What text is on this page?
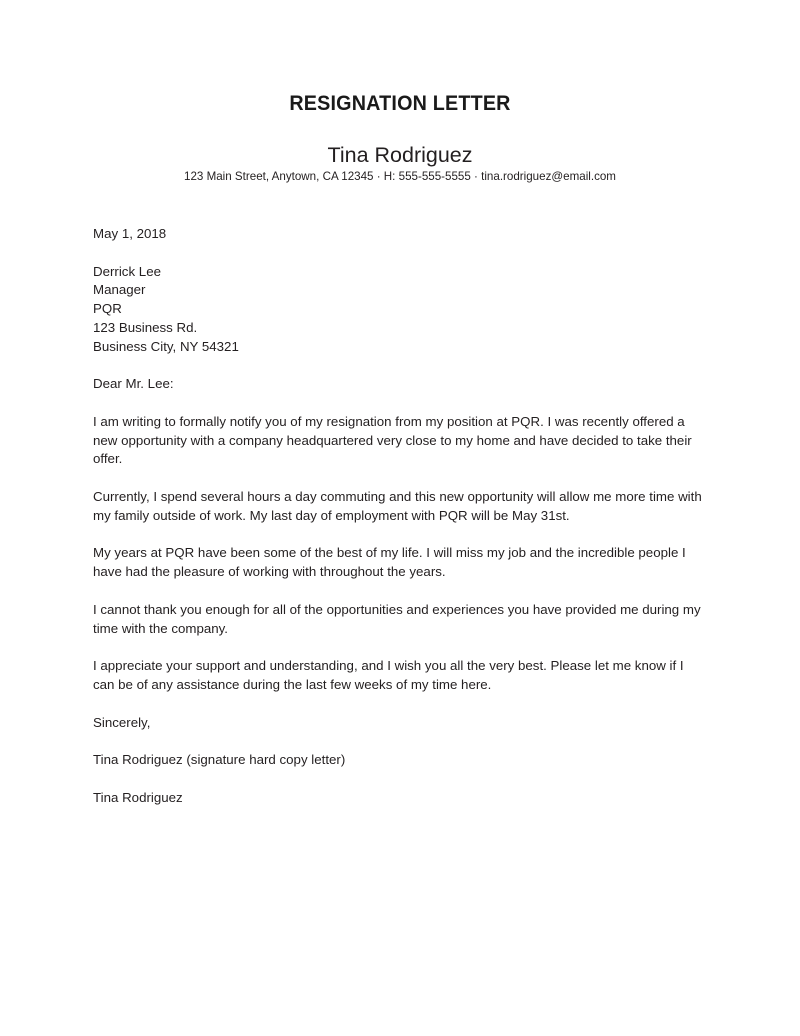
RESIGNATION LETTER
Tina Rodriguez
123 Main Street, Anytown, CA 12345 · H: 555-555-5555 · tina.rodriguez@email.com
May 1, 2018
Derrick Lee
Manager
PQR
123 Business Rd.
Business City, NY 54321
Dear Mr. Lee:

I am writing to formally notify you of my resignation from my position at PQR. I was recently offered a new opportunity with a company headquartered very close to my home and have decided to take their offer.

Currently, I spend several hours a day commuting and this new opportunity will allow me more time with my family outside of work. My last day of employment with PQR will be May 31st.

My years at PQR have been some of the best of my life. I will miss my job and the incredible people I have had the pleasure of working with throughout the years.

I cannot thank you enough for all of the opportunities and experiences you have provided me during my time with the company.

I appreciate your support and understanding, and I wish you all the very best. Please let me know if I can be of any assistance during the last few weeks of my time here.

Sincerely,
Tina Rodriguez (signature hard copy letter)
Tina Rodriguez
